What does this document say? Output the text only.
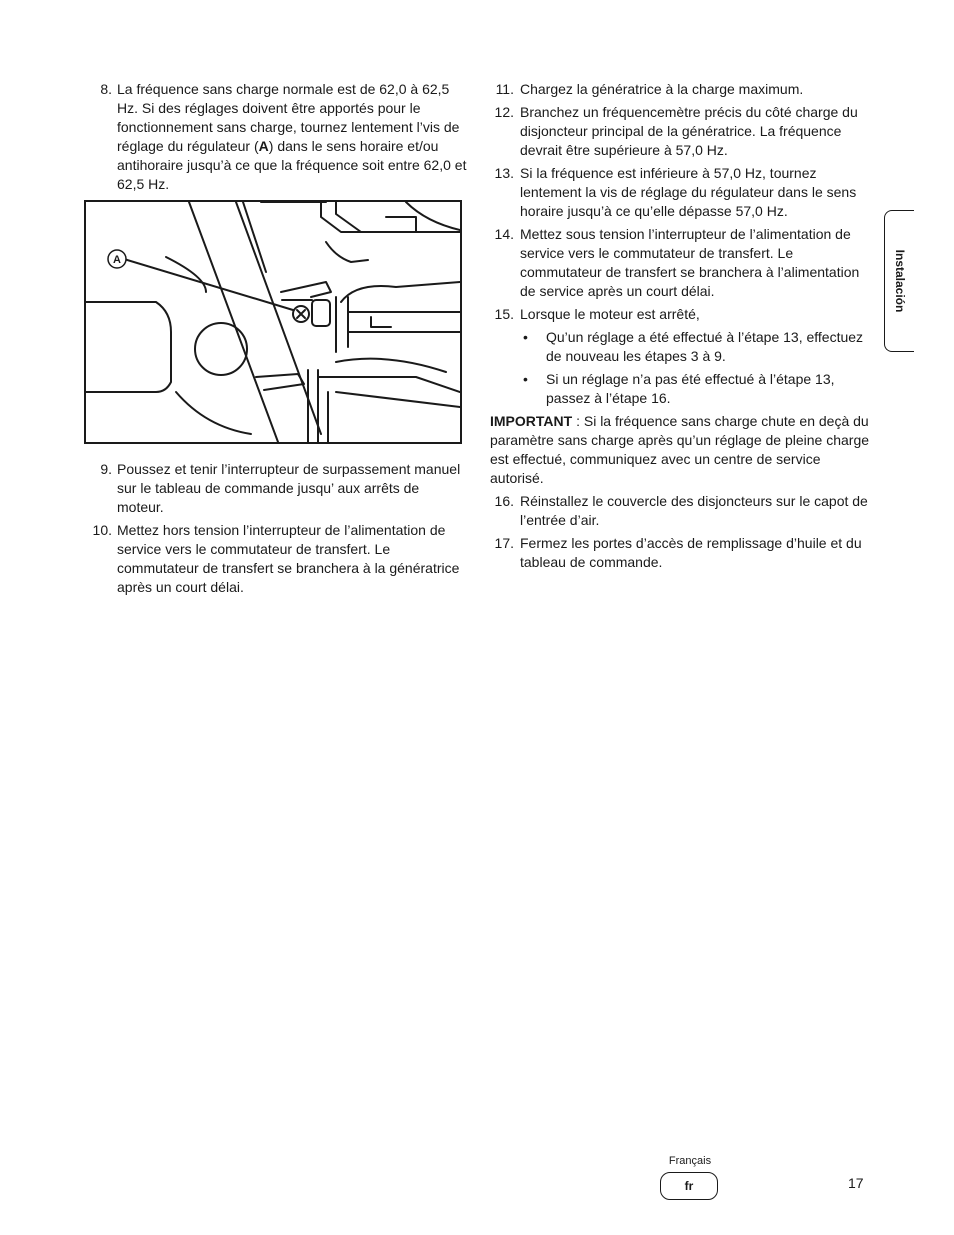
8. La fréquence sans charge normale est de 62,0 à 62,5 Hz. Si des réglages doivent être apportés pour le fonctionnement sans charge, tournez lentement l’vis de réglage du régulateur (A) dans le sens horaire et/ou antihoraire jusqu’à ce que la fréquence soit entre 62,0 et 62,5 Hz.
A
9. Poussez et tenir l’interrupteur de surpassement manuel sur le tableau de commande jusqu’ aux arrêts de moteur.
10. Mettez hors tension l’interrupteur de l’alimentation de service vers le commutateur de transfert. Le commutateur de transfert se branchera à la génératrice après un court délai.
11. Chargez la génératrice à la charge maximum.
12. Branchez un fréquencemètre précis du côté charge du disjoncteur principal de la génératrice. La fréquence devrait être supérieure à 57,0 Hz.
13. Si la fréquence est inférieure à 57,0 Hz, tournez lentement la vis de réglage du régulateur dans le sens horaire jusqu’à ce qu’elle dépasse 57,0 Hz.
14. Mettez sous tension l’interrupteur de l’alimentation de service vers le commutateur de transfert. Le commutateur de transfert se branchera à l’alimentation de service après un court délai.
15. Lorsque le moteur est arrêté,
• Qu’un réglage a été effectué à l’étape 13, effectuez de nouveau les étapes 3 à 9.
• Si un réglage n’a pas été effectué à l’étape 13, passez à l’étape 16.
IMPORTANT : Si la fréquence sans charge chute en deçà du paramètre sans charge après qu’un réglage de pleine charge est effectué, communiquez avec un centre de service autorisé.
16. Réinstallez le couvercle des disjoncteurs sur le capot de l’entrée d’air.
17. Fermez les portes d’accès de remplissage d’huile et du tableau de commande.
Instalación
Français
fr	17
